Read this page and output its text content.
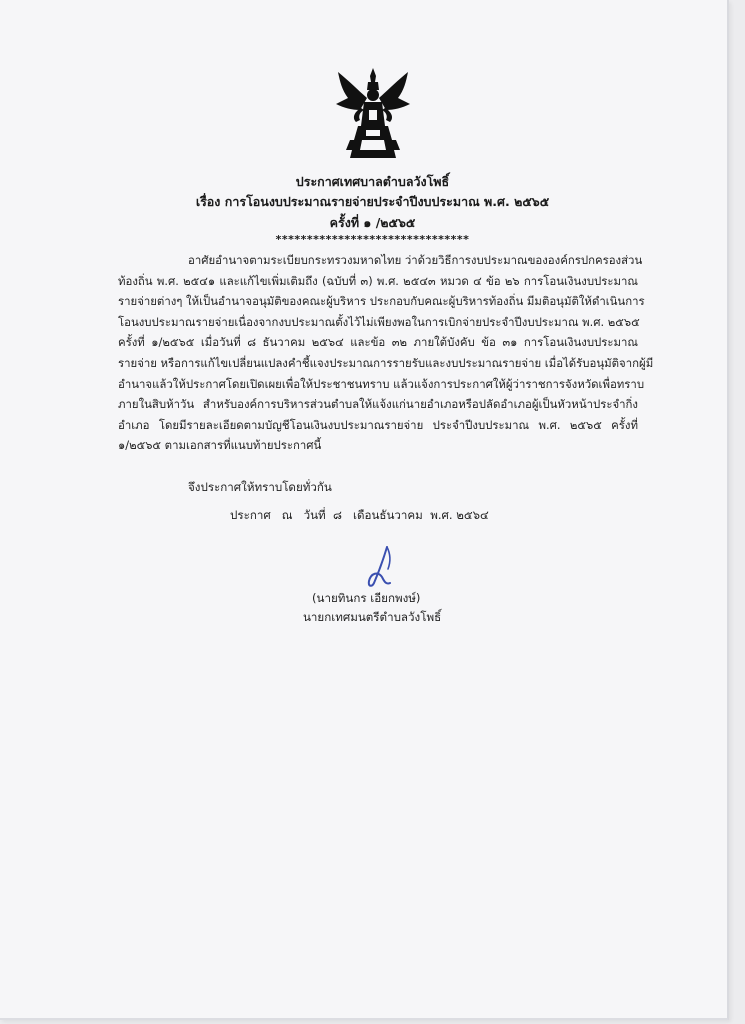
ประกาศเทศบาลตำบลวังโพธิ์
เรื่อง การโอนงบประมาณรายจ่ายประจำปีงบประมาณ พ.ศ. ๒๕๖๕
ครั้งที่ ๑ /๒๕๖๕
*******************************
อาศัยอำนาจตามระเบียบกระทรวงมหาดไทย ว่าด้วยวิธีการงบประมาณขององค์กรปกครองส่วน
ท้องถิ่น พ.ศ. ๒๕๔๑ และแก้ไขเพิ่มเติมถึง (ฉบับที่ ๓) พ.ศ. ๒๕๔๓ หมวด ๔ ข้อ ๒๖ การโอนเงินงบประมาณ
รายจ่ายต่างๆ ให้เป็นอำนาจอนุมัติของคณะผู้บริหาร ประกอบกับคณะผู้บริหารท้องถิ่น มีมติอนุมัติให้ดำเนินการ
โอนงบประมาณรายจ่ายเนื่องจากงบประมาณตั้งไว้ไม่เพียงพอในการเบิกจ่ายประจำปีงบประมาณ พ.ศ. ๒๕๖๕
ครั้งที่ ๑/๒๕๖๕ เมื่อวันที่ ๘ ธันวาคม ๒๕๖๔ และข้อ ๓๒ ภายใต้บังคับ ข้อ ๓๑ การโอนเงินงบประมาณ
รายจ่าย หรือการแก้ไขเปลี่ยนแปลงคำชี้แจงประมาณการรายรับและงบประมาณรายจ่าย เมื่อได้รับอนุมัติจากผู้มี
อำนาจแล้วให้ประกาศโดยเปิดเผยเพื่อให้ประชาชนทราบ แล้วแจ้งการประกาศให้ผู้ว่าราชการจังหวัดเพื่อทราบ
ภายในสิบห้าวัน สำหรับองค์การบริหารส่วนตำบลให้แจ้งแก่นายอำเภอหรือปลัดอำเภอผู้เป็นหัวหน้าประจำกิ่ง
อำเภอ โดยมีรายละเอียดตามบัญชีโอนเงินงบประมาณรายจ่าย ประจำปีงบประมาณ พ.ศ. ๒๕๖๕ ครั้งที่
๑/๒๕๖๕ ตามเอกสารที่แนบท้ายประกาศนี้
จึงประกาศให้ทราบโดยทั่วกัน
ประกาศ   ณ   วันที่  ๘   เดือนธันวาคม  พ.ศ. ๒๕๖๔
(นายทินกร เอียกพงษ์)
นายกเทศมนตรีตำบลวังโพธิ์
